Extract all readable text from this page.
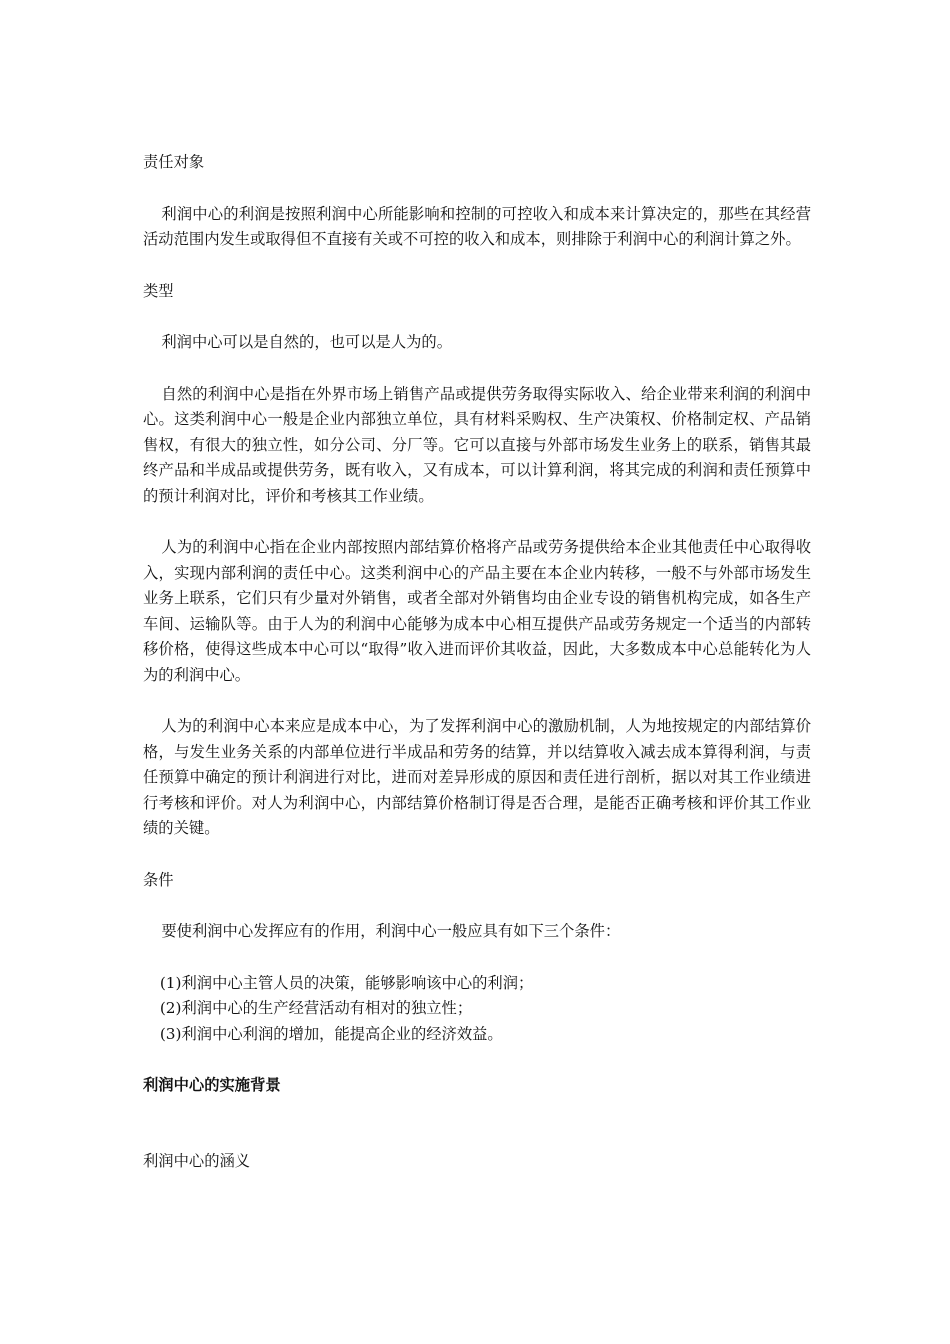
责任对象

利润中心的利润是按照利润中心所能影响和控制的可控收入和成本来计算决定的，那些在其经营活动范围内发生或取得但不直接有关或不可控的收入和成本，则排除于利润中心的利润计算之外。

类型

利润中心可以是自然的，也可以是人为的。

自然的利润中心是指在外界市场上销售产品或提供劳务取得实际收入、给企业带来利润的利润中心。这类利润中心一般是企业内部独立单位，具有材料采购权、生产决策权、价格制定权、产品销售权，有很大的独立性，如分公司、分厂等。它可以直接与外部市场发生业务上的联系，销售其最终产品和半成品或提供劳务，既有收入，又有成本，可以计算利润，将其完成的利润和责任预算中的预计利润对比，评价和考核其工作业绩。

人为的利润中心指在企业内部按照内部结算价格将产品或劳务提供给本企业其他责任中心取得收入，实现内部利润的责任中心。这类利润中心的产品主要在本企业内转移，一般不与外部市场发生业务上联系，它们只有少量对外销售，或者全部对外销售均由企业专设的销售机构完成，如各生产车间、运输队等。由于人为的利润中心能够为成本中心相互提供产品或劳务规定一个适当的内部转移价格，使得这些成本中心可以“取得”收入进而评价其收益，因此，大多数成本中心总能转化为人为的利润中心。

人为的利润中心本来应是成本中心，为了发挥利润中心的激励机制，人为地按规定的内部结算价格，与发生业务关系的内部单位进行半成品和劳务的结算，并以结算收入减去成本算得利润，与责任预算中确定的预计利润进行对比，进而对差异形成的原因和责任进行剖析，据以对其工作业绩进行考核和评价。对人为利润中心，内部结算价格制订得是否合理，是能否正确考核和评价其工作业绩的关键。

条件

要使利润中心发挥应有的作用，利润中心一般应具有如下三个条件：

(1)利润中心主管人员的决策，能够影响该中心的利润；

(2)利润中心的生产经营活动有相对的独立性；

(3)利润中心利润的增加，能提高企业的经济效益。

利润中心的实施背景

利润中心的涵义
